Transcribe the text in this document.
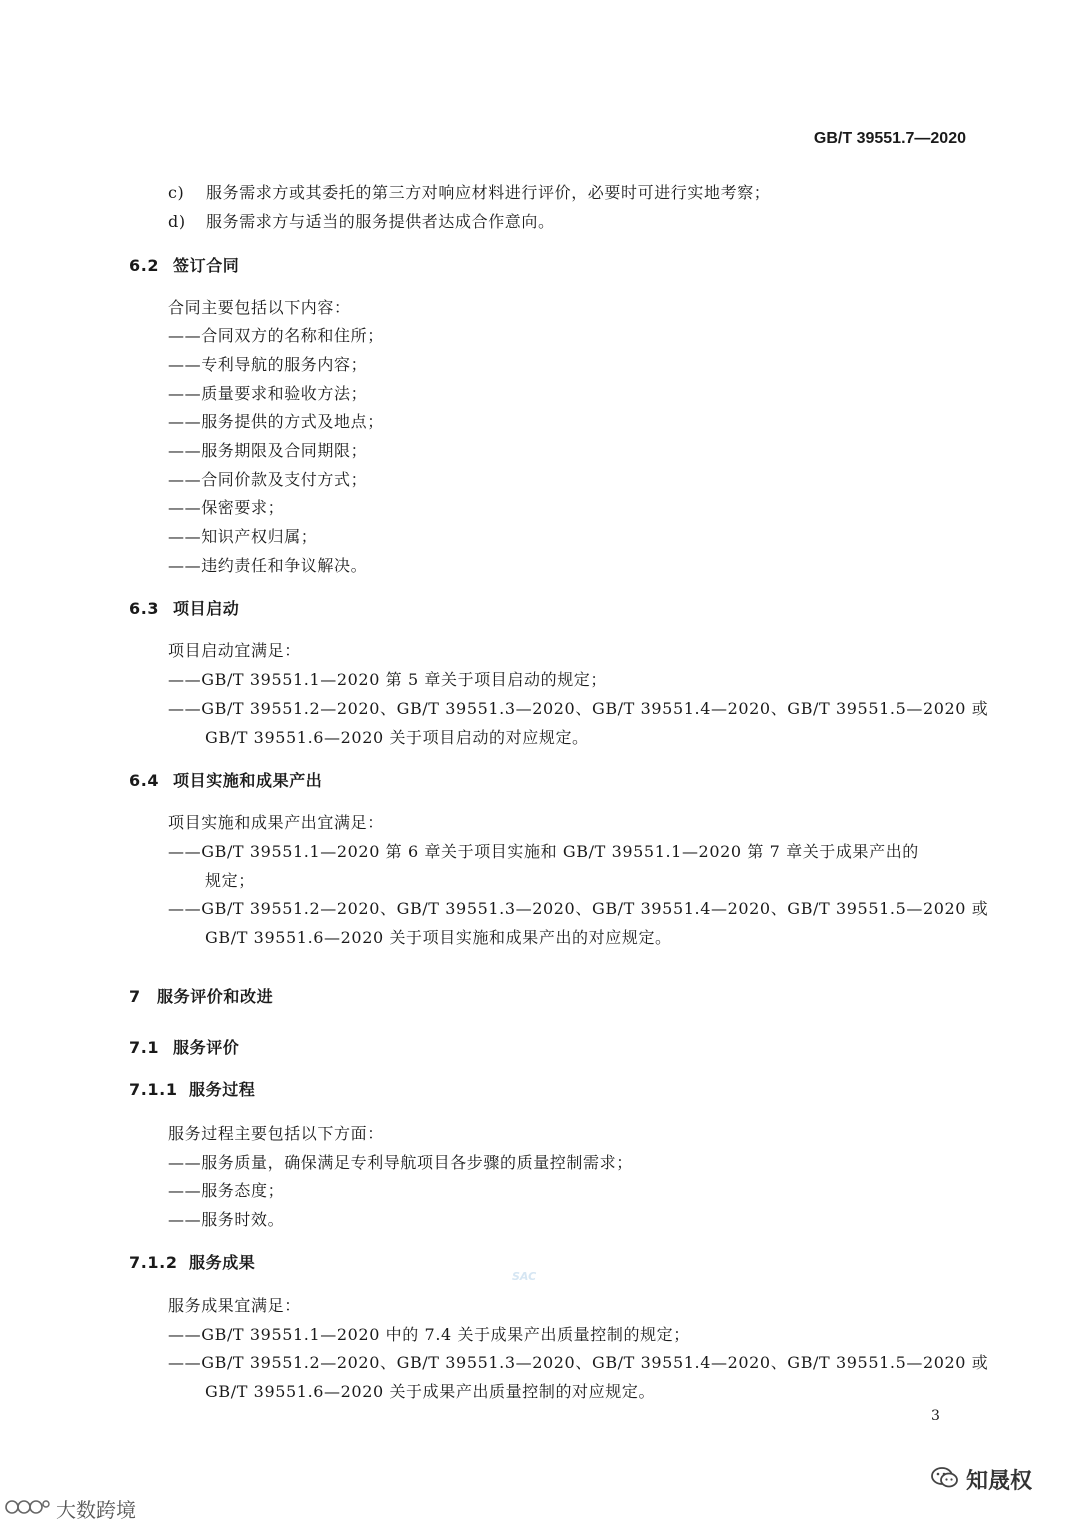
GB/T 39551.7—2020
c) 服务需求方或其委托的第三方对响应材料进行评价，必要时可进行实地考察；
d) 服务需求方与适当的服务提供者达成合作意向。
6.2 签订合同
合同主要包括以下内容：
——合同双方的名称和住所；
——专利导航的服务内容；
——质量要求和验收方法；
——服务提供的方式及地点；
——服务期限及合同期限；
——合同价款及支付方式；
——保密要求；
——知识产权归属；
——违约责任和争议解决。
6.3 项目启动
项目启动宜满足：
——GB/T 39551.1—2020 第 5 章关于项目启动的规定；
——GB/T 39551.2—2020、GB/T 39551.3—2020、GB/T 39551.4—2020、GB/T 39551.5—2020 或
GB/T 39551.6—2020 关于项目启动的对应规定。
6.4 项目实施和成果产出
项目实施和成果产出宜满足：
——GB/T 39551.1—2020 第 6 章关于项目实施和 GB/T 39551.1—2020 第 7 章关于成果产出的
规定；
——GB/T 39551.2—2020、GB/T 39551.3—2020、GB/T 39551.4—2020、GB/T 39551.5—2020 或
GB/T 39551.6—2020 关于项目实施和成果产出的对应规定。
7 服务评价和改进
7.1 服务评价
7.1.1 服务过程
服务过程主要包括以下方面：
——服务质量，确保满足专利导航项目各步骤的质量控制需求；
——服务态度；
——服务时效。
7.1.2 服务成果
SAC
服务成果宜满足：
——GB/T 39551.1—2020 中的 7.4 关于成果产出质量控制的规定；
——GB/T 39551.2—2020、GB/T 39551.3—2020、GB/T 39551.4—2020、GB/T 39551.5—2020 或
GB/T 39551.6—2020 关于成果产出质量控制的对应规定。
3
大数跨境
知晟权
